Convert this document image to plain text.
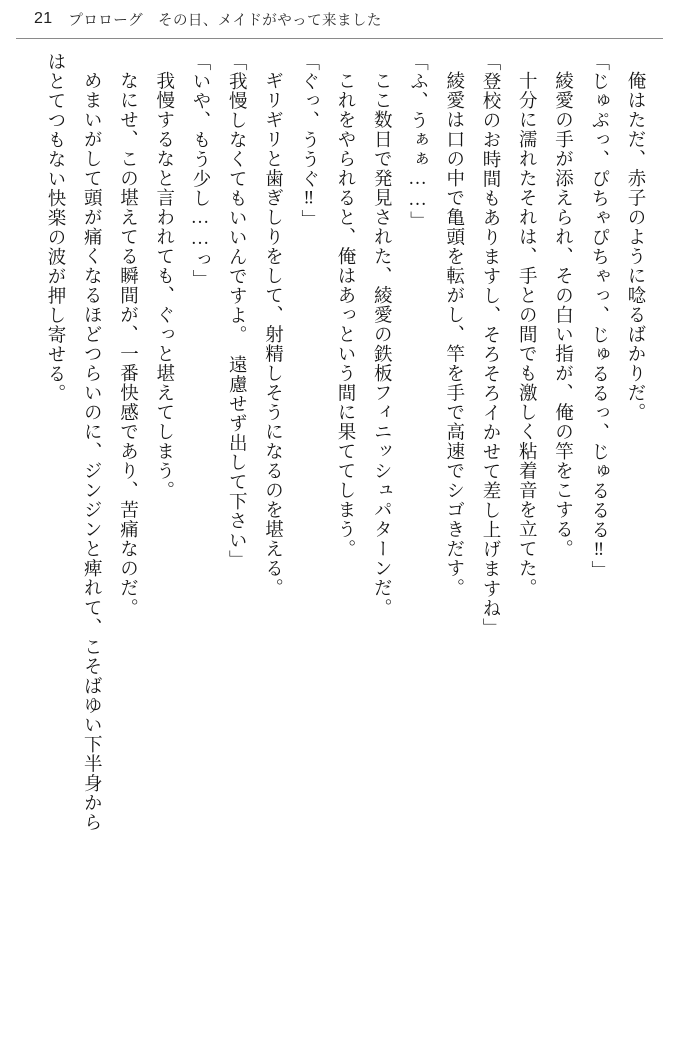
21 プロローグ　その日、メイドがやって来ました

俺はただ、赤子のように唸るばかりだ。

「じゅぷっ、ぴちゃぴちゃっ、じゅるるっ、じゅるるる‼」

綾愛の手が添えられ、その白い指が、俺の竿をこする。

十分に濡れたそれは、手との間でも激しく粘着音を立てた。

「登校のお時間もありますし、そろそろイかせて差し上げますね」

綾愛は口の中で亀頭を転がし、竿を手で高速でシゴきだす。

「ふ、うぁぁ……」

ここ数日で発見された、綾愛の鉄板フィニッシュパターンだ。

これをやられると、俺はあっという間に果ててしまう。

「ぐっ、ううぐ‼」

ギリギリと歯ぎしりをして、射精しそうになるのを堪える。

「我慢しなくてもいいんですよ。　遠慮せず出して下さい」

「いや、もう少し……っ」

我慢するなと言われても、ぐっと堪えてしまう。

なにせ、この堪えてる瞬間が、一番快感であり、苦痛なのだ。

めまいがして頭が痛くなるほどつらいのに、ジンジンと痺れて、こそばゆい下半身から

はとてつもない快楽の波が押し寄せる。
